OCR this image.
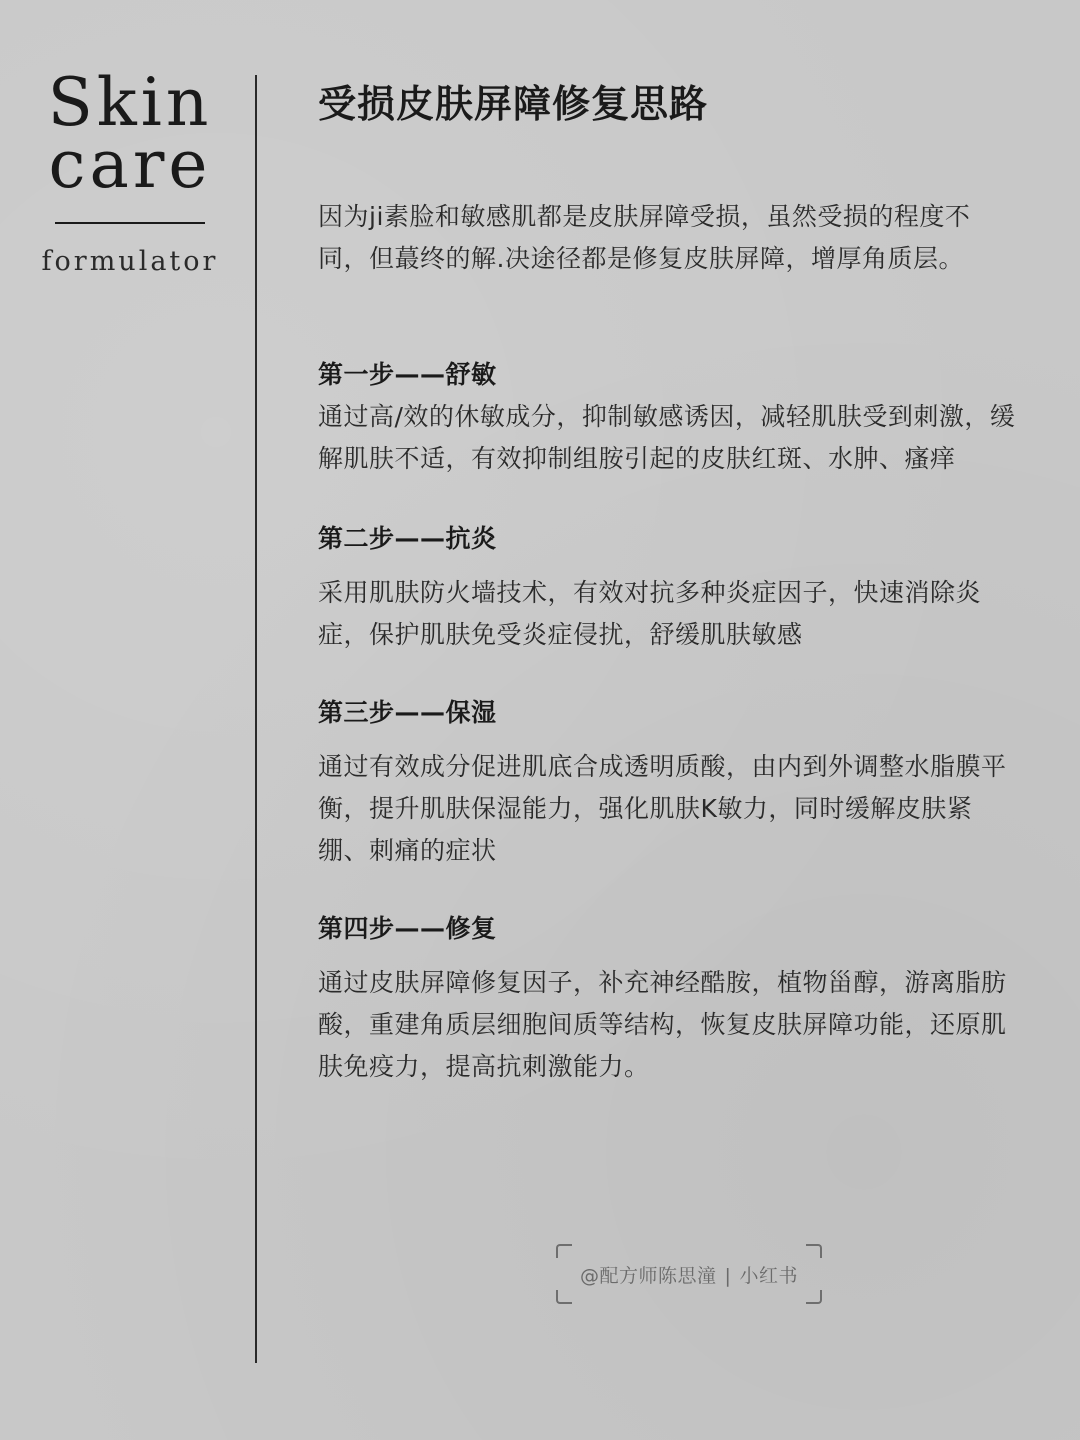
Skin
care
formulator
受损皮肤屏障修复思路

因为ji素脸和敏感肌都是皮肤屏障受损，虽然受损的程度不同，但蕞终的解.决途径都是修复皮肤屏障，增厚角质层。

第一步——舒敏
通过高/效的休敏成分，抑制敏感诱因，减轻肌肤受到刺激，缓解肌肤不适，有效抑制组胺引起的皮肤红斑、水肿、瘙痒
第二步——抗炎
采用肌肤防火墙技术，有效对抗多种炎症因子，快速消除炎症，保护肌肤免受炎症侵扰，舒缓肌肤敏感
第三步——保湿
通过有效成分促进肌底合成透明质酸，由内到外调整水脂膜平衡，提升肌肤保湿能力，强化肌肤K敏力，同时缓解皮肤紧绷、刺痛的症状
第四步——修复
通过皮肤屏障修复因子，补充神经酷胺，植物甾醇，游离脂肪酸，重建角质层细胞间质等结构，恢复皮肤屏障功能，还原肌肤免疫力，提高抗刺激能力。
@配方师陈思潼 | 小红书
